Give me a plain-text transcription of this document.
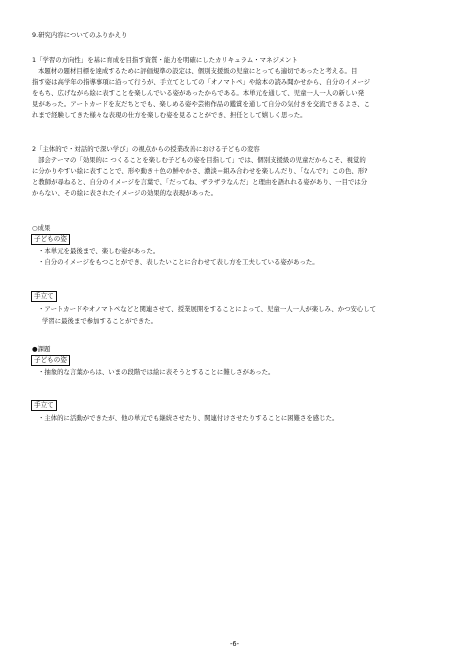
9.研究内容についてのふりかえり
1「学習の方向性」を基に育成を目指す資質・能力を明確にしたカリキュラム・マネジメント
本題材の題材目標を達成するために評価規準の設定は、個別支援級の児童にとっても適切であったと考える。目
指す姿は高学年の指導事項に沿って行うが、手立てとしての「オノマトペ」や絵本の読み聞かせから、自分のイメージ
をもち、広げながら絵に表すことを楽しんでいる姿があったからである。本単元を通して、児童一人一人の新しい発
見があった。アートカードを友だちとでも、楽しめる姿や芸術作品の鑑賞を通して自分の気付きを交流できるよさ、こ
れまで経験してきた様々な表現の仕方を楽しむ姿を見ることができ、担任として嬉しく思った。
2「主体的で・対話的で深い学び」の視点からの授業改善における子どもの変容
部会テーマの「効果的に つくることを楽しむ子どもの姿を目指して」では、個別支援級の児童だからこそ、視覚的
に分かりやすい絵に表すことで、形や動き＋色の鮮やかさ、濃淡＝組み合わせを楽しんだり、「なんで?」この色、形?
と教師が尋ねると、自分のイメージを言葉で、「だってね、ザラザラなんだ」と理由を語れれる姿があり、一目では分
からない、その絵に表されたイメージの効果的な表現があった。
○成果
子どもの姿
・本単元を最後まで、楽しむ姿があった。
・自分のイメージをもつことができ、表したいことに合わせて表し方を工夫している姿があった。
手立て
・アートカードやオノマトペなどと関連させて、授業展開をすることによって、児童一人一人が楽しみ、かつ安心して
学習に最後まで参加することができた。
●課題
子どもの姿
・抽象的な言葉からは、いまの段階では絵に表そうとすることに難しさがあった。
手立て
・主体的に活動ができたが、他の単元でも継続させたり、関連付けさせたりすることに困難さを感じた。
-6-
